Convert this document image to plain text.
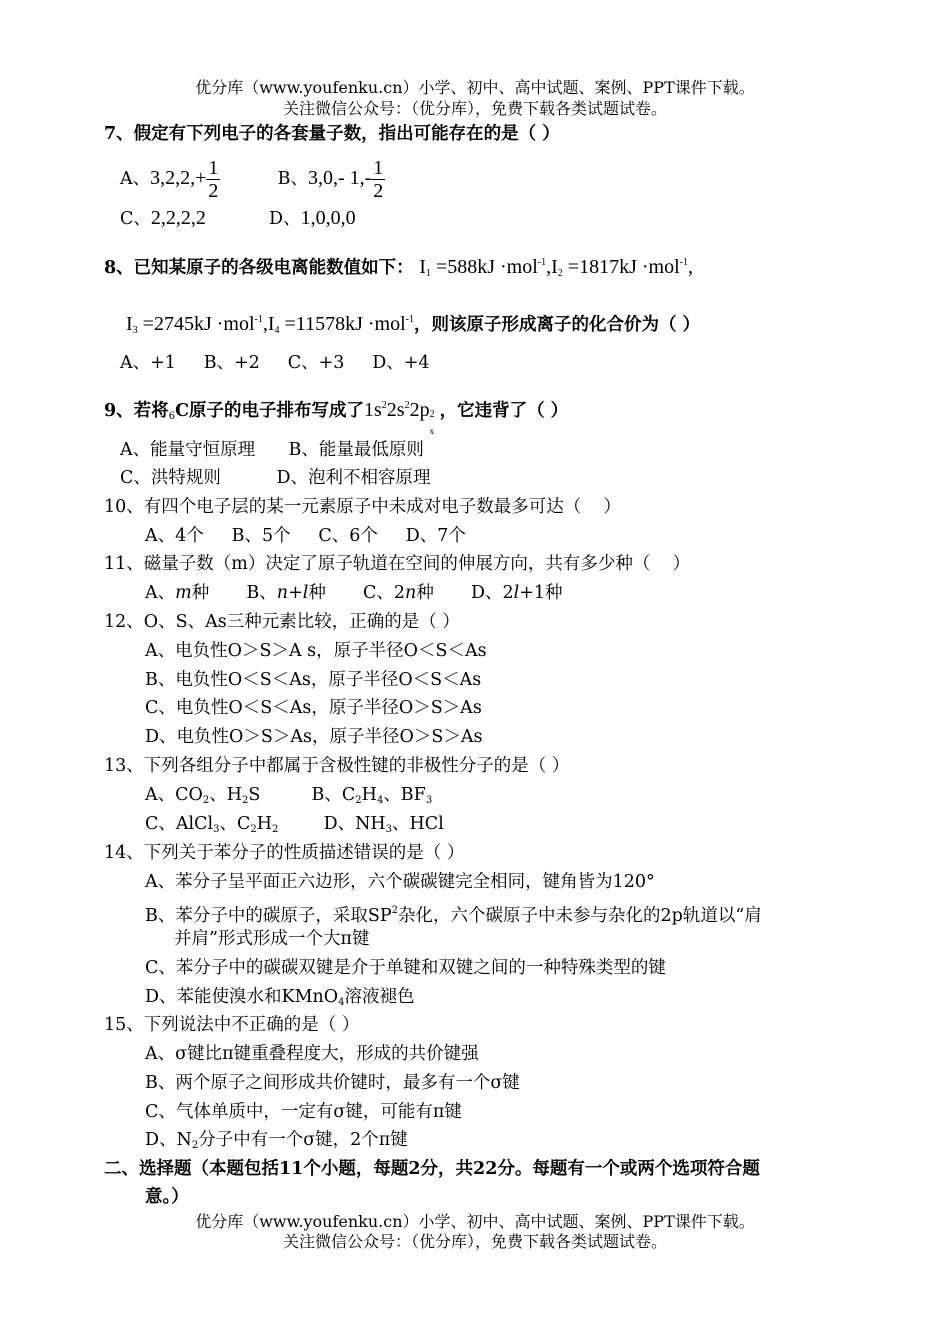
优分库（www.youfenku.cn）小学、初中、高中试题、案例、PPT课件下载。
关注微信公众号：（优分库），免费下载各类试题试卷。
7、假定有下列电子的各套量子数，指出可能存在的是（ ）
A、$3,2,2,+ \frac{1}{2}$	B、3,0,- $1,- \frac{1}{2}$
C、2,2,2,2	D、1,0,0,0
8、已知某原子的各级电离能数值如下： $I_1 =588kJ \cdot mol^{-1},I_2 =1817kJ \cdot mol^{-1}$,
$I_3 =2745kJ \cdot mol^{-1},I_4 =11578kJ \cdot mol^{-1}$，则该原子形成离子的化合价为（ ）
A、+1     B、+2     C、+3     D、+4
9、若将$_6$C原子的电子排布写成了$1s^22s^22p$ 2
x
，它违背了（ ）
A、能量守恒原理      B、能量最低原则
C、洪特规则          D、泡利不相容原理
10、有四个电子层的某一元素原子中未成对电子数最多可达（    ）
A、4个     B、5个     C、6个     D、7个
11、磁量子数（m）决定了原子轨道在空间的伸展方向，共有多少种（    ）
A、m种 B、n+l种 C、2n种 D、2l+1种
12、O、S、As三种元素比较，正确的是（ ）
A、电负性O＞S＞A s，原子半径O＜S＜As
B、电负性O＜S＜As，原子半径O＜S＜As
C、电负性O＜S＜As，原子半径O＞S＞As
D、电负性O＞S＞As，原子半径O＞S＞As
13、下列各组分子中都属于含极性键的非极性分子的是（ ）
A、$CO_2$、$H_2S$	B、$C_2H_4$、$BF_3$
C、AlCl$_3$、$C_2H_2$	D、$NH_3$、HCl
14、下列关于苯分子的性质描述错误的是（ ）
A、苯分子呈平面正六边形，六个碳碳键完全相同，键角皆为120°
B、苯分子中的碳原子，采取$SP^2$杂化，六个碳原子中未参与杂化的2p轨道以“肩
并肩”形式形成一个大π键
C、苯分子中的碳碳双键是介于单键和双键之间的一种特殊类型的键
D、苯能使溴水和KMnO$_4$溶液褪色
15、下列说法中不正确的是（ ）
A、σ键比π键重叠程度大，形成的共价键强
B、两个原子之间形成共价键时，最多有一个σ键
C、气体单质中，一定有σ键，可能有π键
D、$N_2$分子中有一个σ键，2个π键
二、选择题（本题包括11个小题，每题2分，共22分。每题有一个或两个选项符合题
意。）
优分库（www.youfenku.cn）小学、初中、高中试题、案例、PPT课件下载。
关注微信公众号：（优分库），免费下载各类试题试卷。
